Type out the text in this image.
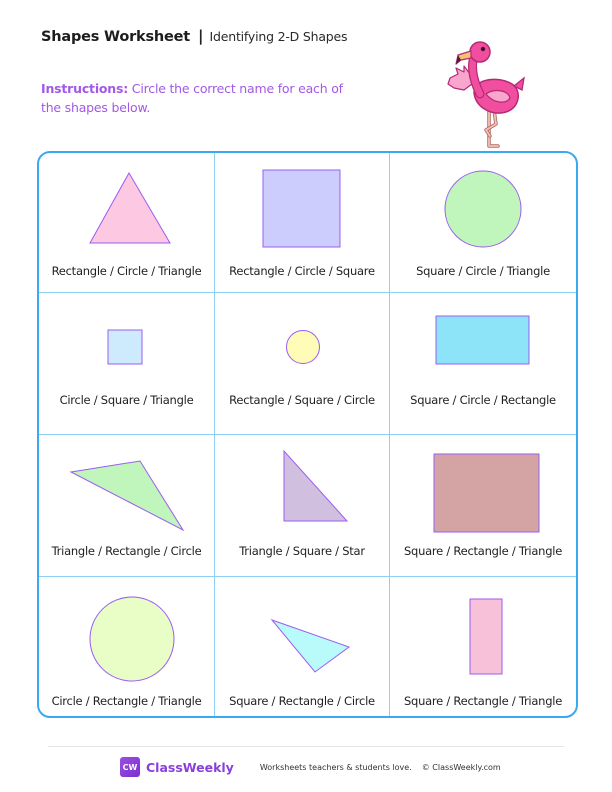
Shapes Worksheet | Identifying 2-D Shapes
Instructions: Circle the correct name for each of the shapes below.
Rectangle / Circle / Triangle	Rectangle / Circle / Square	Square / Circle / Triangle
Circle / Square / Triangle	Rectangle / Square / Circle	Square / Circle / Rectangle
Triangle / Rectangle / Circle	Triangle / Square / Star	Square / Rectangle / Triangle
Circle / Rectangle / Triangle	Square / Rectangle / Circle	Square / Rectangle / Triangle
CW ClassWeekly	Worksheets teachers & students love. © ClassWeekly.com
